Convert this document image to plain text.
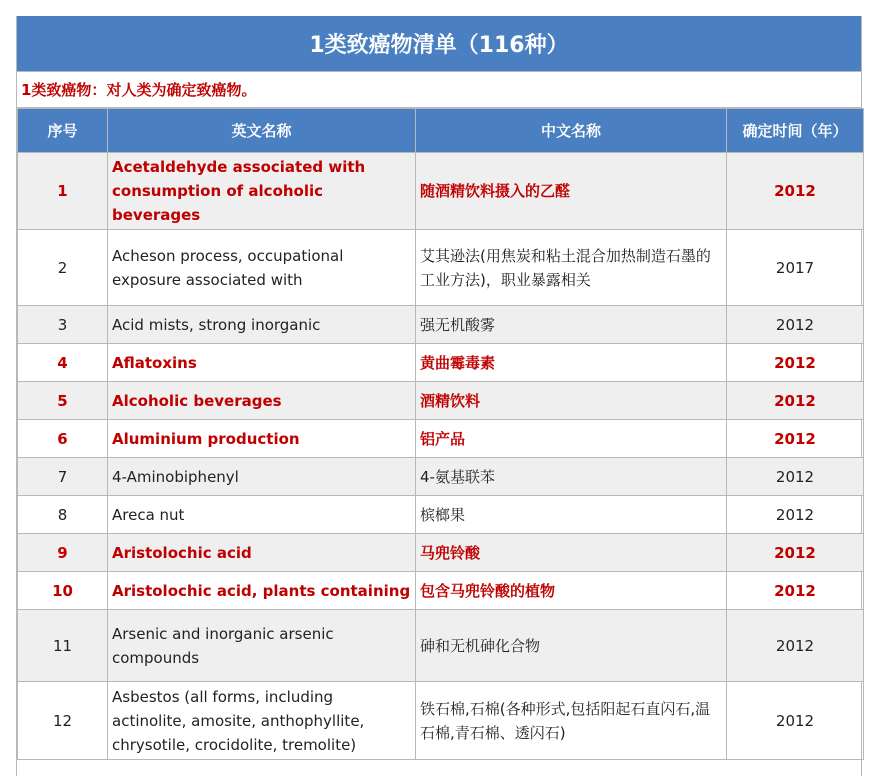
1类致癌物清单（116种）
1类致癌物：对人类为确定致癌物。
序号	英文名称	中文名称	确定时间（年）
1	Acetaldehyde associated with consumption of alcoholic beverages	随酒精饮料摄入的乙醛	2012
2	Acheson process, occupational exposure associated with	艾其逊法(用焦炭和粘土混合加热制造石墨的工业方法)，职业暴露相关	2017
3	Acid mists, strong inorganic	强无机酸雾	2012
4	Aflatoxins	黄曲霉毒素	2012
5	Alcoholic beverages	酒精饮料	2012
6	Aluminium production	铝产品	2012
7	4-Aminobiphenyl	4-氨基联苯	2012
8	Areca nut	槟榔果	2012
9	Aristolochic acid	马兜铃酸	2012
10	Aristolochic acid, plants containing	包含马兜铃酸的植物	2012
11	Arsenic and inorganic arsenic compounds	砷和无机砷化合物	2012
12	Asbestos (all forms, including actinolite, amosite, anthophyllite, chrysotile, crocidolite, tremolite)	铁石棉,石棉(各种形式,包括阳起石直闪石,温石棉,青石棉、透闪石)	2012
